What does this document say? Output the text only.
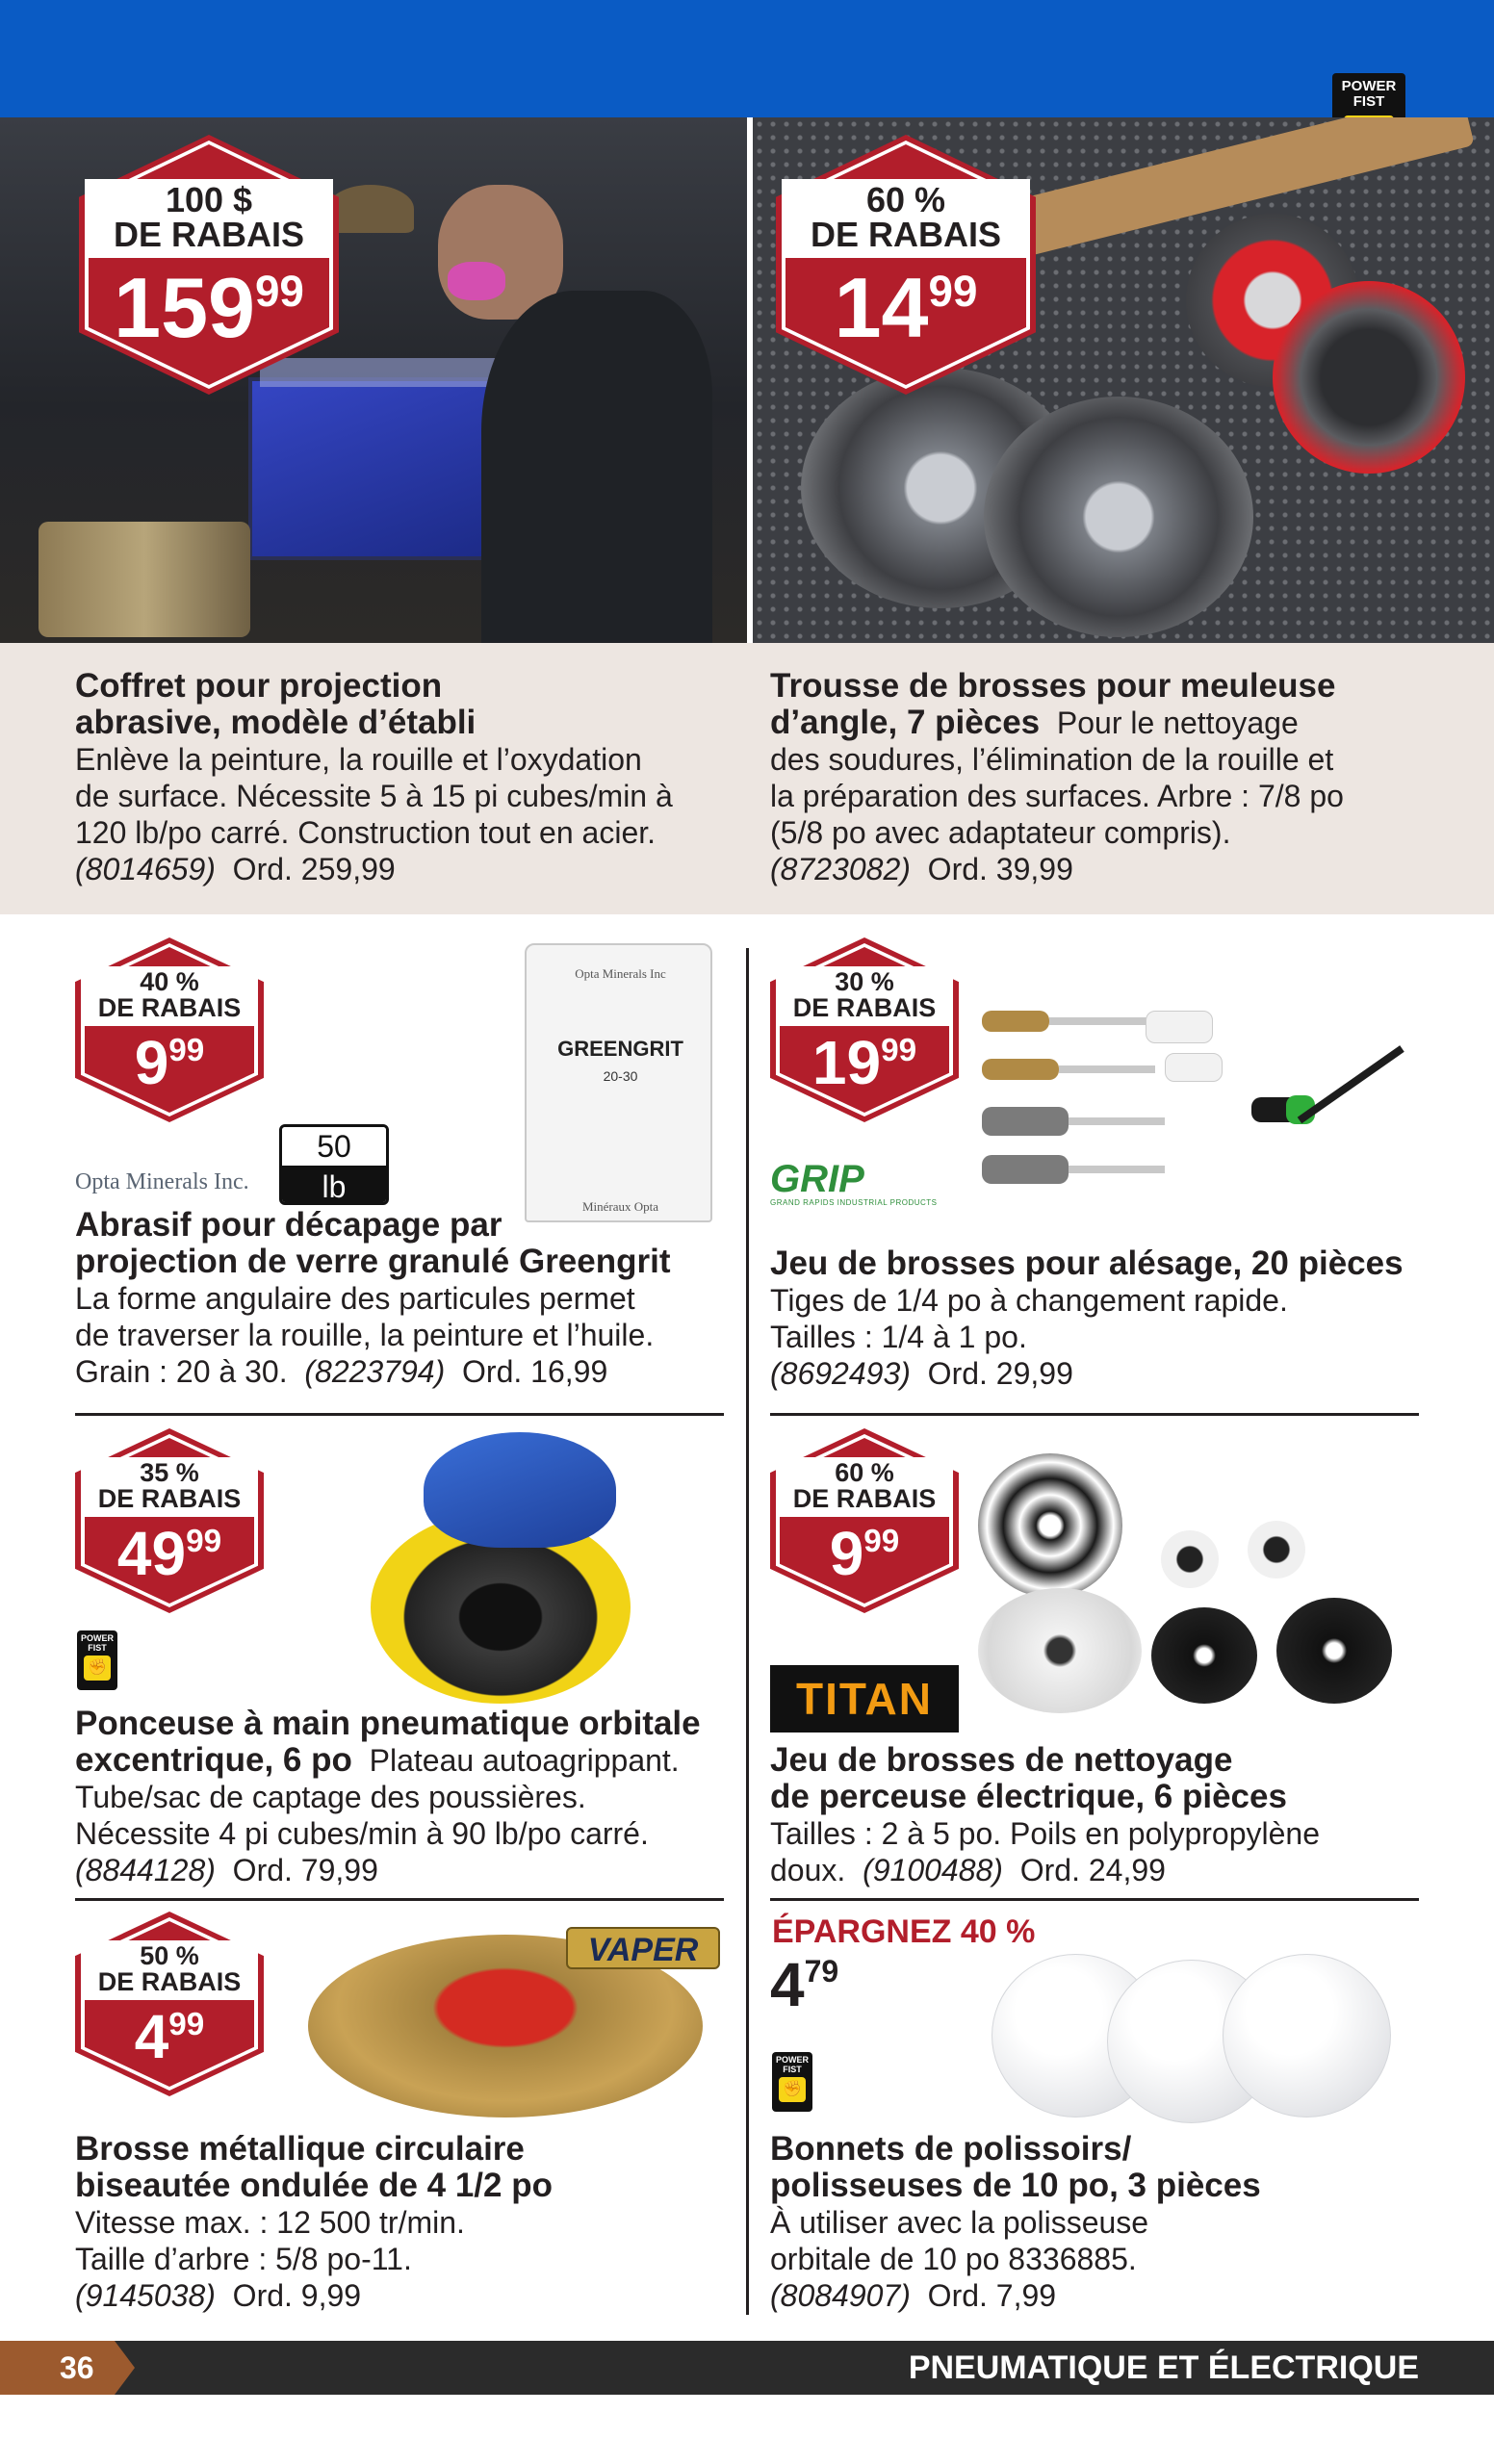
POWER
FIST
100 $
DE RABAIS
$159^{99}$
60 %
DE RABAIS
$14^{99}$

Coffret pour projection

abrasive, modèle d’établi

Enlève la peinture, la rouille et l’oxydation

de surface. Nécessite 5 à 15 pi cubes/min à

120 lb/po carré. Construction tout en acier.

(8014659) Ord. 259,99

Trousse de brosses pour meuleuse

d’angle, 7 pièces Pour le nettoyage

des soudures, l’élimination de la rouille et

la préparation des surfaces. Arbre : 7/8 po

(5/8 po avec adaptateur compris).

(8723082) Ord. 39,99

40 %
DE RABAIS
$9^{99}$
Opta Minerals Inc
GREENGRIT
20-30
Minéraux Opta
Opta Minerals Inc.
50
lb

Abrasif pour décapage par

projection de verre granulé Greengrit

La forme angulaire des particules permet

de traverser la rouille, la peinture et l’huile.

Grain : 20 à 30. (8223794) Ord. 16,99

30 %
DE RABAIS
$19^{99}$
GRIP
GRAND RAPIDS INDUSTRIAL PRODUCTS

Jeu de brosses pour alésage, 20 pièces

Tiges de 1/4 po à changement rapide.

Tailles : 1/4 à 1 po.

(8692493) Ord. 29,99

35 %
DE RABAIS
$49^{99}$
POWER
FIST
✊

Ponceuse à main pneumatique orbitale

excentrique, 6 po Plateau autoagrippant.

Tube/sac de captage des poussières.

Nécessite 4 pi cubes/min à 90 lb/po carré.

(8844128) Ord. 79,99

60 %
DE RABAIS
$9^{99}$
TITAN

Jeu de brosses de nettoyage

de perceuse électrique, 6 pièces

Tailles : 2 à 5 po. Poils en polypropylène

doux. (9100488) Ord. 24,99

50 %
DE RABAIS
$4^{99}$
VAPER

Brosse métallique circulaire

biseautée ondulée de 4 1/2 po

Vitesse max. : 12 500 tr/min.

Taille d’arbre : 5/8 po-11.

(9145038) Ord. 9,99

ÉPARGNEZ 40 %
$4^{79}$
POWER
FIST
✊

Bonnets de polissoirs/

polisseuses de 10 po, 3 pièces

À utiliser avec la polisseuse

orbitale de 10 po 8336885.

(8084907) Ord. 7,99

36	PNEUMATIQUE ET ÉLECTRIQUE
